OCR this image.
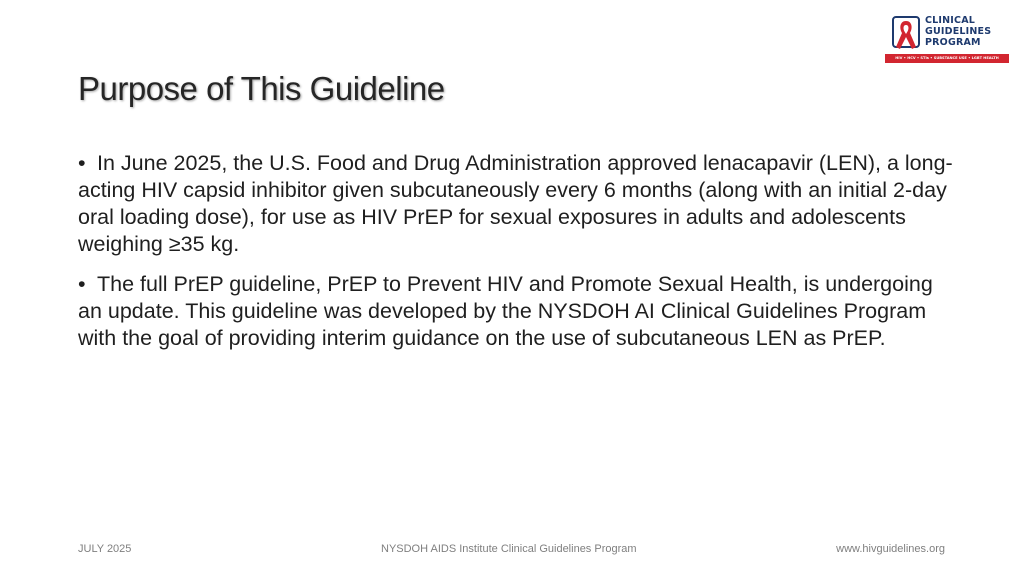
CLINICAL
GUIDELINES
PROGRAM
HIV • HCV • STIs • SUBSTANCE USE • LGBT HEALTH
Purpose of This Guideline
• In June 2025, the U.S. Food and Drug Administration approved lenacapavir (LEN), a long-acting HIV capsid inhibitor given subcutaneously every 6 months (along with an initial 2-day oral loading dose), for use as HIV PrEP for sexual exposures in adults and adolescents weighing ≥35 kg.
• The full PrEP guideline, PrEP to Prevent HIV and Promote Sexual Health, is undergoing an update. This guideline was developed by the NYSDOH AI Clinical Guidelines Program with the goal of providing interim guidance on the use of subcutaneous LEN as PrEP.
JULY 2025	NYSDOH AIDS Institute Clinical Guidelines Program	www.hivguidelines.org
